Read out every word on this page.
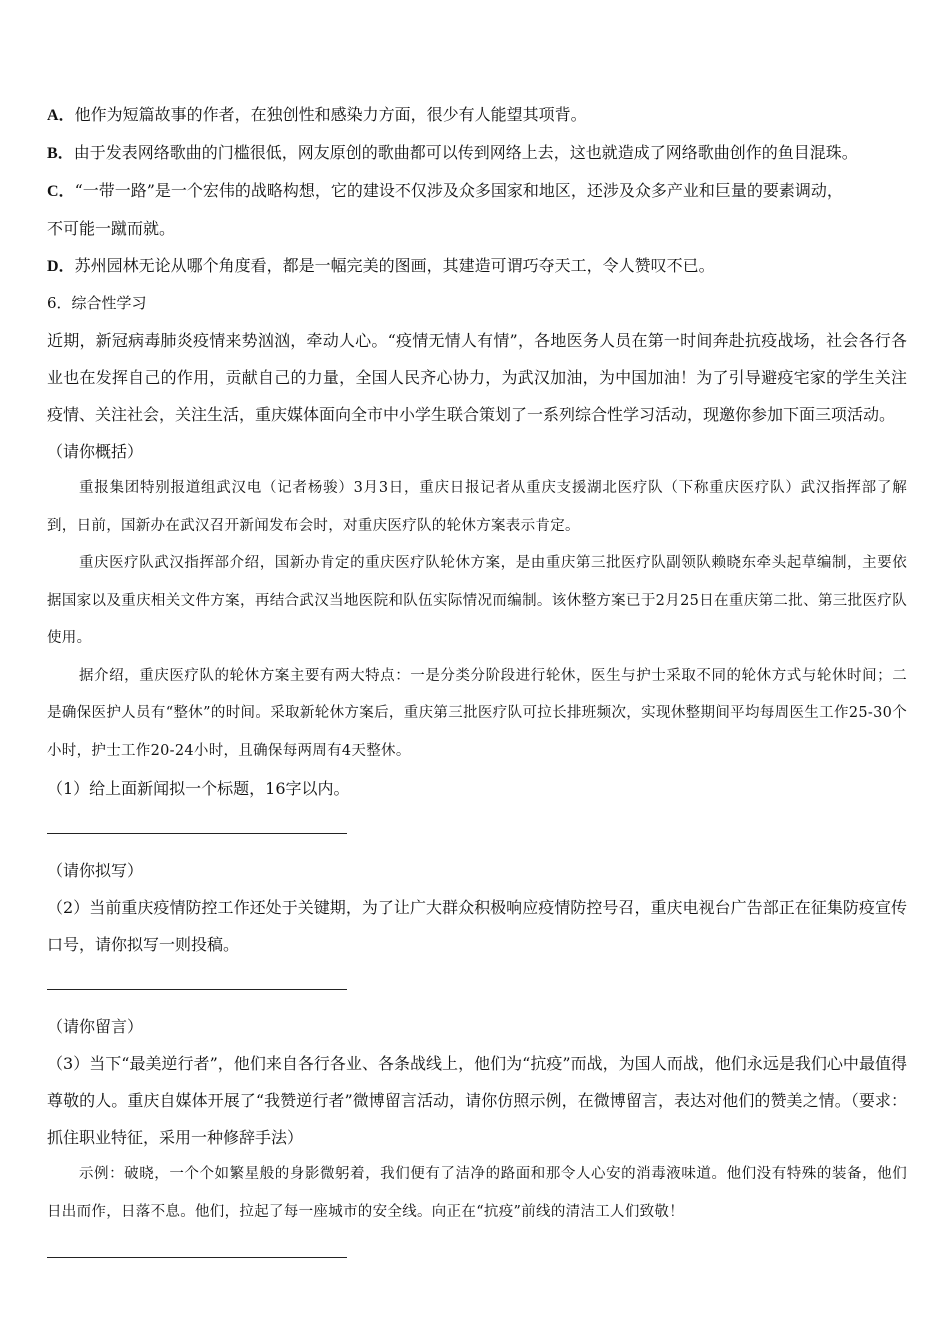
A．他作为短篇故事的作者，在独创性和感染力方面，很少有人能望其项背。
B．由于发表网络歌曲的门槛很低，网友原创的歌曲都可以传到网络上去，这也就造成了网络歌曲创作的鱼目混珠。
C．“一带一路”是一个宏伟的战略构想，它的建设不仅涉及众多国家和地区，还涉及众多产业和巨量的要素调动，
不可能一蹴而就。
D．苏州园林无论从哪个角度看，都是一幅完美的图画，其建造可谓巧夺天工，令人赞叹不已。
6．综合性学习
近期，新冠病毒肺炎疫情来势汹汹，牵动人心。“疫情无情人有情”，各地医务人员在第一时间奔赴抗疫战场，社会各行各业也在发挥自己的作用，贡献自己的力量，全国人民齐心协力，为武汉加油，为中国加油！为了引导避疫宅家的学生关注疫情、关注社会，关注生活，重庆媒体面向全市中小学生联合策划了一系列综合性学习活动，现邀你参加下面三项活动。
（请你概括）
重报集团特别报道组武汉电（记者杨骏）3月3日，重庆日报记者从重庆支援湖北医疗队（下称重庆医疗队）武汉指挥部了解到，日前，国新办在武汉召开新闻发布会时，对重庆医疗队的轮休方案表示肯定。
重庆医疗队武汉指挥部介绍，国新办肯定的重庆医疗队轮休方案，是由重庆第三批医疗队副领队赖晓东牵头起草编制，主要依据国家以及重庆相关文件方案，再结合武汉当地医院和队伍实际情况而编制。该休整方案已于2月25日在重庆第二批、第三批医疗队使用。
据介绍，重庆医疗队的轮休方案主要有两大特点：一是分类分阶段进行轮休，医生与护士采取不同的轮休方式与轮休时间；二是确保医护人员有“整休”的时间。采取新轮休方案后，重庆第三批医疗队可拉长排班频次，实现休整期间平均每周医生工作25-30个小时，护士工作20-24小时，且确保每两周有4天整休。
（1）给上面新闻拟一个标题，16字以内。
（请你拟写）
（2）当前重庆疫情防控工作还处于关键期，为了让广大群众积极响应疫情防控号召，重庆电视台广告部正在征集防疫宣传口号，请你拟写一则投稿。
（请你留言）
（3）当下“最美逆行者”，他们来自各行各业、各条战线上，他们为“抗疫”而战，为国人而战，他们永远是我们心中最值得尊敬的人。重庆自媒体开展了“我赞逆行者”微博留言活动，请你仿照示例，在微博留言，表达对他们的赞美之情。（要求：抓住职业特征，采用一种修辞手法）
示例：破晓，一个个如繁星般的身影微躬着，我们便有了洁净的路面和那令人心安的消毒液味道。他们没有特殊的装备，他们日出而作，日落不息。他们，拉起了每一座城市的安全线。向正在“抗疫”前线的清洁工人们致敬！
